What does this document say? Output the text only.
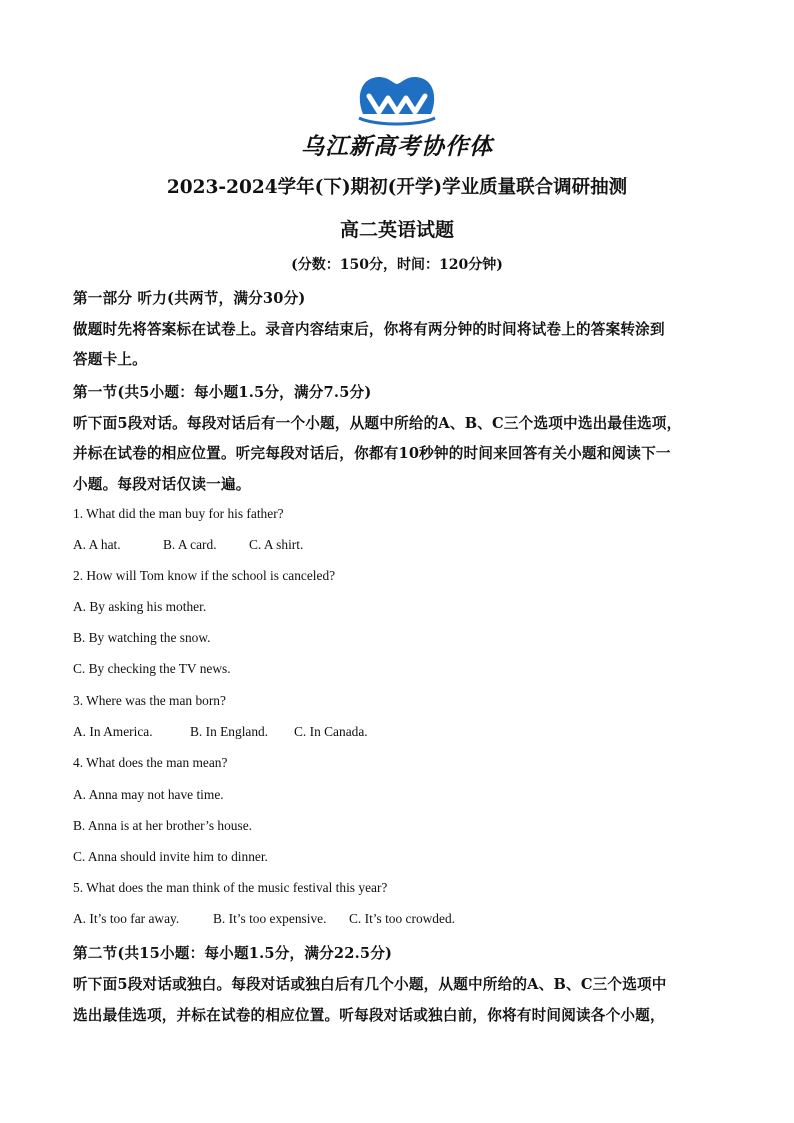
乌江新高考协作体
2023-2024学年(下)期初(开学)学业质量联合调研抽测
高二英语试题
(分数：150分，时间：120分钟)
第一部分 听力(共两节，满分30分)
做题时先将答案标在试卷上。录音内容结束后，你将有两分钟的时间将试卷上的答案转涂到
答题卡上。
第一节(共5小题：每小题1.5分，满分7.5分)
听下面5段对话。每段对话后有一个小题，从题中所给的A、B、C三个选项中选出最佳选项，
并标在试卷的相应位置。听完每段对话后，你都有10秒钟的时间来回答有关小题和阅读下一
小题。每段对话仅读一遍。
1. What did the man buy for his father?
A. A hat.	B. A card. C. A shirt.
2. How will Tom know if the school is canceled?
A. By asking his mother.
B. By watching the snow.
C. By checking the TV news.
3. Where was the man born?
A. In America.	B. In England. C. In Canada.
4. What does the man mean?
A. Anna may not have time.
B. Anna is at her brother’s house.
C. Anna should invite him to dinner.
5. What does the man think of the music festival this year?
A. It’s too far away.	B. It’s too expensive. C. It’s too crowded.
第二节(共15小题：每小题1.5分，满分22.5分)
听下面5段对话或独白。每段对话或独白后有几个小题，从题中所给的A、B、C三个选项中
选出最佳选项，并标在试卷的相应位置。听每段对话或独白前，你将有时间阅读各个小题，
